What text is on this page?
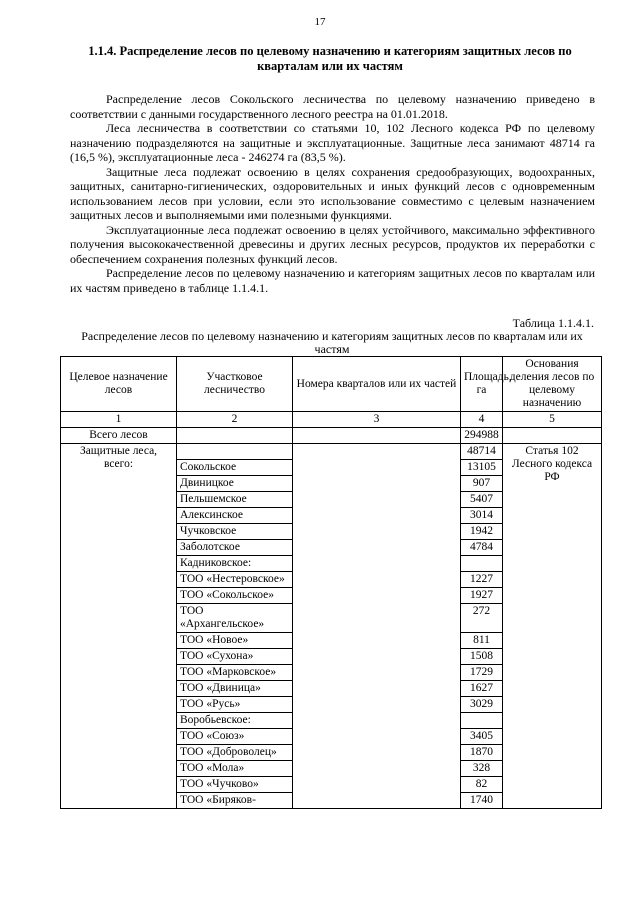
17
1.1.4. Распределение лесов по целевому назначению и категориям защитных лесов по кварталам или их частям

Распределение лесов Сокольского лесничества по целевому назначению приведено в соответствии с данными государственного лесного реестра на 01.01.2018.

Леса лесничества в соответствии со статьями 10, 102 Лесного кодекса РФ по целевому назначению подразделяются на защитные и эксплуатационные. Защитные леса занимают 48714 га (16,5 %), эксплуатационные леса - 246274 га (83,5 %).

Защитные леса подлежат освоению в целях сохранения средообразующих, водоохранных, защитных, санитарно-гигиенических, оздоровительных и иных функций лесов с одновременным использованием лесов при условии, если это использование совместимо с целевым назначением защитных лесов и выполняемыми ими полезными функциями.

Эксплуатационные леса подлежат освоению в целях устойчивого, максимально эффективного получения высококачественной древесины и других лесных ресурсов, продуктов их переработки с обеспечением сохранения полезных функций лесов.

Распределение лесов по целевому назначению и категориям защитных лесов по кварталам или их частям приведено в таблице 1.1.4.1.

Таблица 1.1.4.1.
Распределение лесов по целевому назначению и категориям защитных лесов по кварталам или их частям
Целевое назначение лесов	Участковое лесничество	Номера кварталов или их частей	Площадь, га	Основания деления лесов по целевому назначению
1	2	3	4	5
Всего лесов			294988	
Защитные леса, всего:			48714	Статья 102 Лесного кодекса РФ
	Сокольское		13105	
	Двиницкое		907	
	Пельшемское		5407	
	Алексинское		3014	
	Чучковское		1942	
	Заболотское		4784	
	Кадниковское:			
	ТОО «Нестеровское»		1227	
	ТОО «Сокольское»		1927	
	ТОО «Архангельское»		272	
	ТОО «Новое»		811	
	ТОО «Сухона»		1508	
	ТОО «Марковское»		1729	
	ТОО «Двиница»		1627	
	ТОО «Русь»		3029	
	Воробьевское:			
	ТОО «Союз»		3405	
	ТОО «Доброволец»		1870	
	ТОО «Мола»		328	
	ТОО «Чучково»		82	
	ТОО «Биряков-		1740	
